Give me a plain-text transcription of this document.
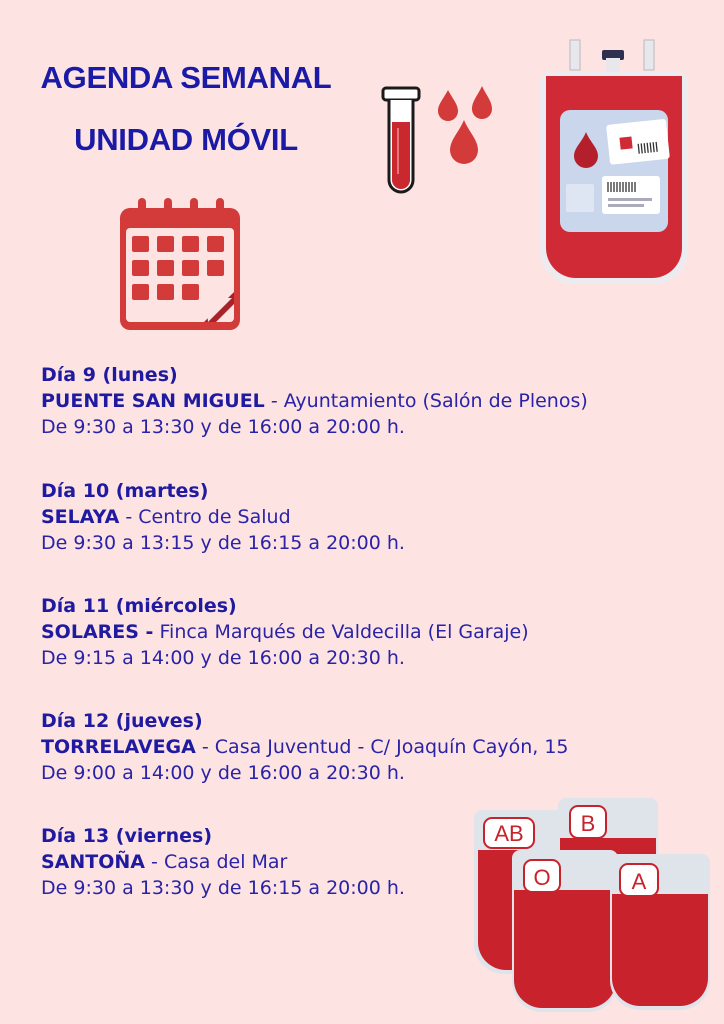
AGENDA SEMANAL
UNIDAD MÓVIL
Día 9 (lunes)
PUENTE SAN MIGUEL - Ayuntamiento (Salón de Plenos)
De 9:30 a 13:30 y de 16:00 a 20:00 h.
Día 10 (martes)
SELAYA - Centro de Salud
De 9:30 a 13:15 y de 16:15 a 20:00 h.
Día 11 (miércoles)
SOLARES - Finca Marqués de Valdecilla (El Garaje)
De 9:15 a 14:00 y de 16:00 a 20:30 h.
Día 12 (jueves)
TORRELAVEGA - Casa Juventud - C/ Joaquín Cayón, 15
De 9:00 a 14:00 y de 16:00 a 20:30 h.
Día 13 (viernes)
SANTOÑA - Casa del Mar
De 9:30 a 13:30 y de 16:15 a 20:00 h.
AB	B
O	A
